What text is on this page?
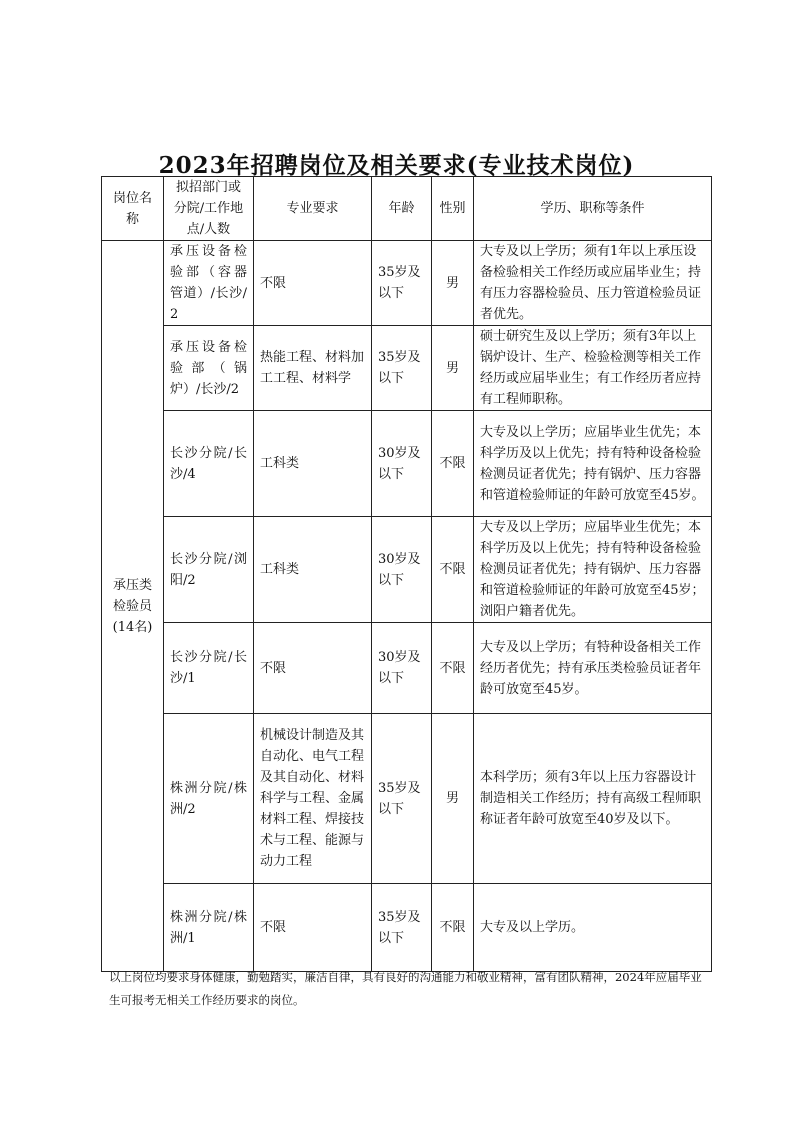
2023年招聘岗位及相关要求(专业技术岗位)
岗位名称	拟招部门或分院/工作地点/人数	专业要求	年龄	性别	学历、职称等条件
承压类检验员(14名)	承压设备检验部（容器管道）/长沙/2	不限	35岁及以下	男	大专及以上学历；须有1年以上承压设备检验相关工作经历或应届毕业生；持有压力容器检验员、压力管道检验员证者优先。
	承压设备检验部（锅炉）/长沙/2	热能工程、材料加工工程、材料学	35岁及以下	男	硕士研究生及以上学历；须有3年以上锅炉设计、生产、检验检测等相关工作经历或应届毕业生；有工作经历者应持有工程师职称。
	长沙分院/长沙/4	工科类	30岁及以下	不限	大专及以上学历；应届毕业生优先；本科学历及以上优先；持有特种设备检验检测员证者优先；持有锅炉、压力容器和管道检验师证的年龄可放宽至45岁。
	长沙分院/浏阳/2	工科类	30岁及以下	不限	大专及以上学历；应届毕业生优先；本科学历及以上优先；持有特种设备检验检测员证者优先；持有锅炉、压力容器和管道检验师证的年龄可放宽至45岁；浏阳户籍者优先。
	长沙分院/长沙/1	不限	30岁及以下	不限	大专及以上学历；有特种设备相关工作经历者优先；持有承压类检验员证者年龄可放宽至45岁。
	株洲分院/株洲/2	机械设计制造及其自动化、电气工程及其自动化、材料科学与工程、金属材料工程、焊接技术与工程、能源与动力工程	35岁及以下	男	本科学历；须有3年以上压力容器设计制造相关工作经历；持有高级工程师职称证者年龄可放宽至40岁及以下。
	株洲分院/株洲/1	不限	35岁及以下	不限	大专及以上学历。
以上岗位均要求身体健康，勤勉踏实，廉洁自律，具有良好的沟通能力和敬业精神，富有团队精神，2024年应届毕业生可报考无相关工作经历要求的岗位。
